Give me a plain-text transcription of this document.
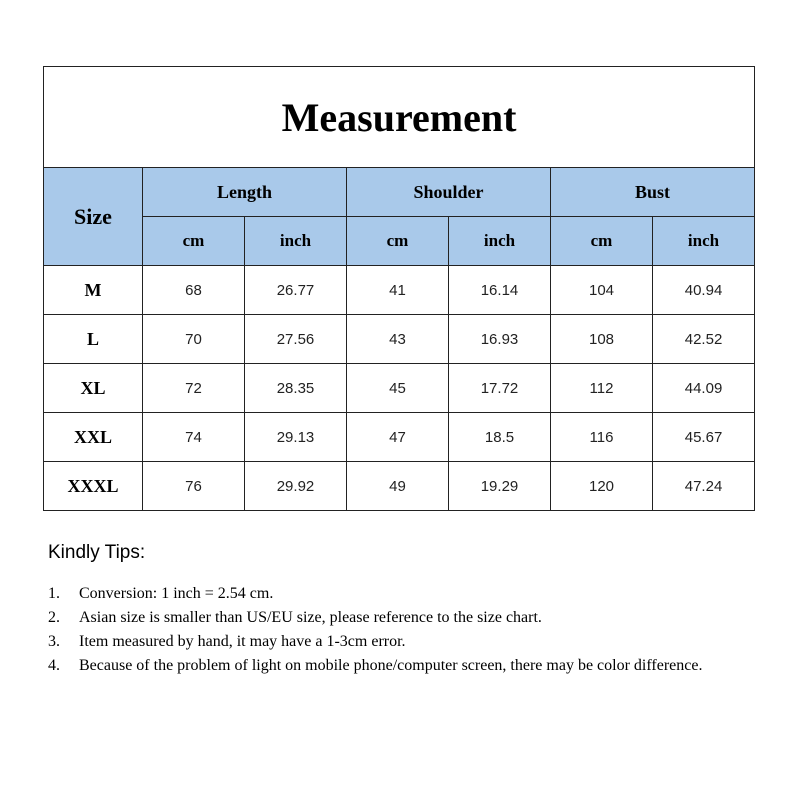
Measurement						
Size	Length		Shoulder		Bust	
	cm	inch	cm	inch	cm	inch
M	68	26.77	41	16.14	104	40.94
L	70	27.56	43	16.93	108	42.52
XL	72	28.35	45	17.72	112	44.09
XXL	74	29.13	47	18.5	116	45.67
XXXL	76	29.92	49	19.29	120	47.24
Kindly Tips:
1.	Conversion: 1 inch = 2.54 cm.
2.	Asian size is smaller than US/EU size, please reference to the size chart.
3.	Item measured by hand, it may have a 1-3cm error.
4.	Because of the problem of light on mobile phone/computer screen, there may be color difference.
